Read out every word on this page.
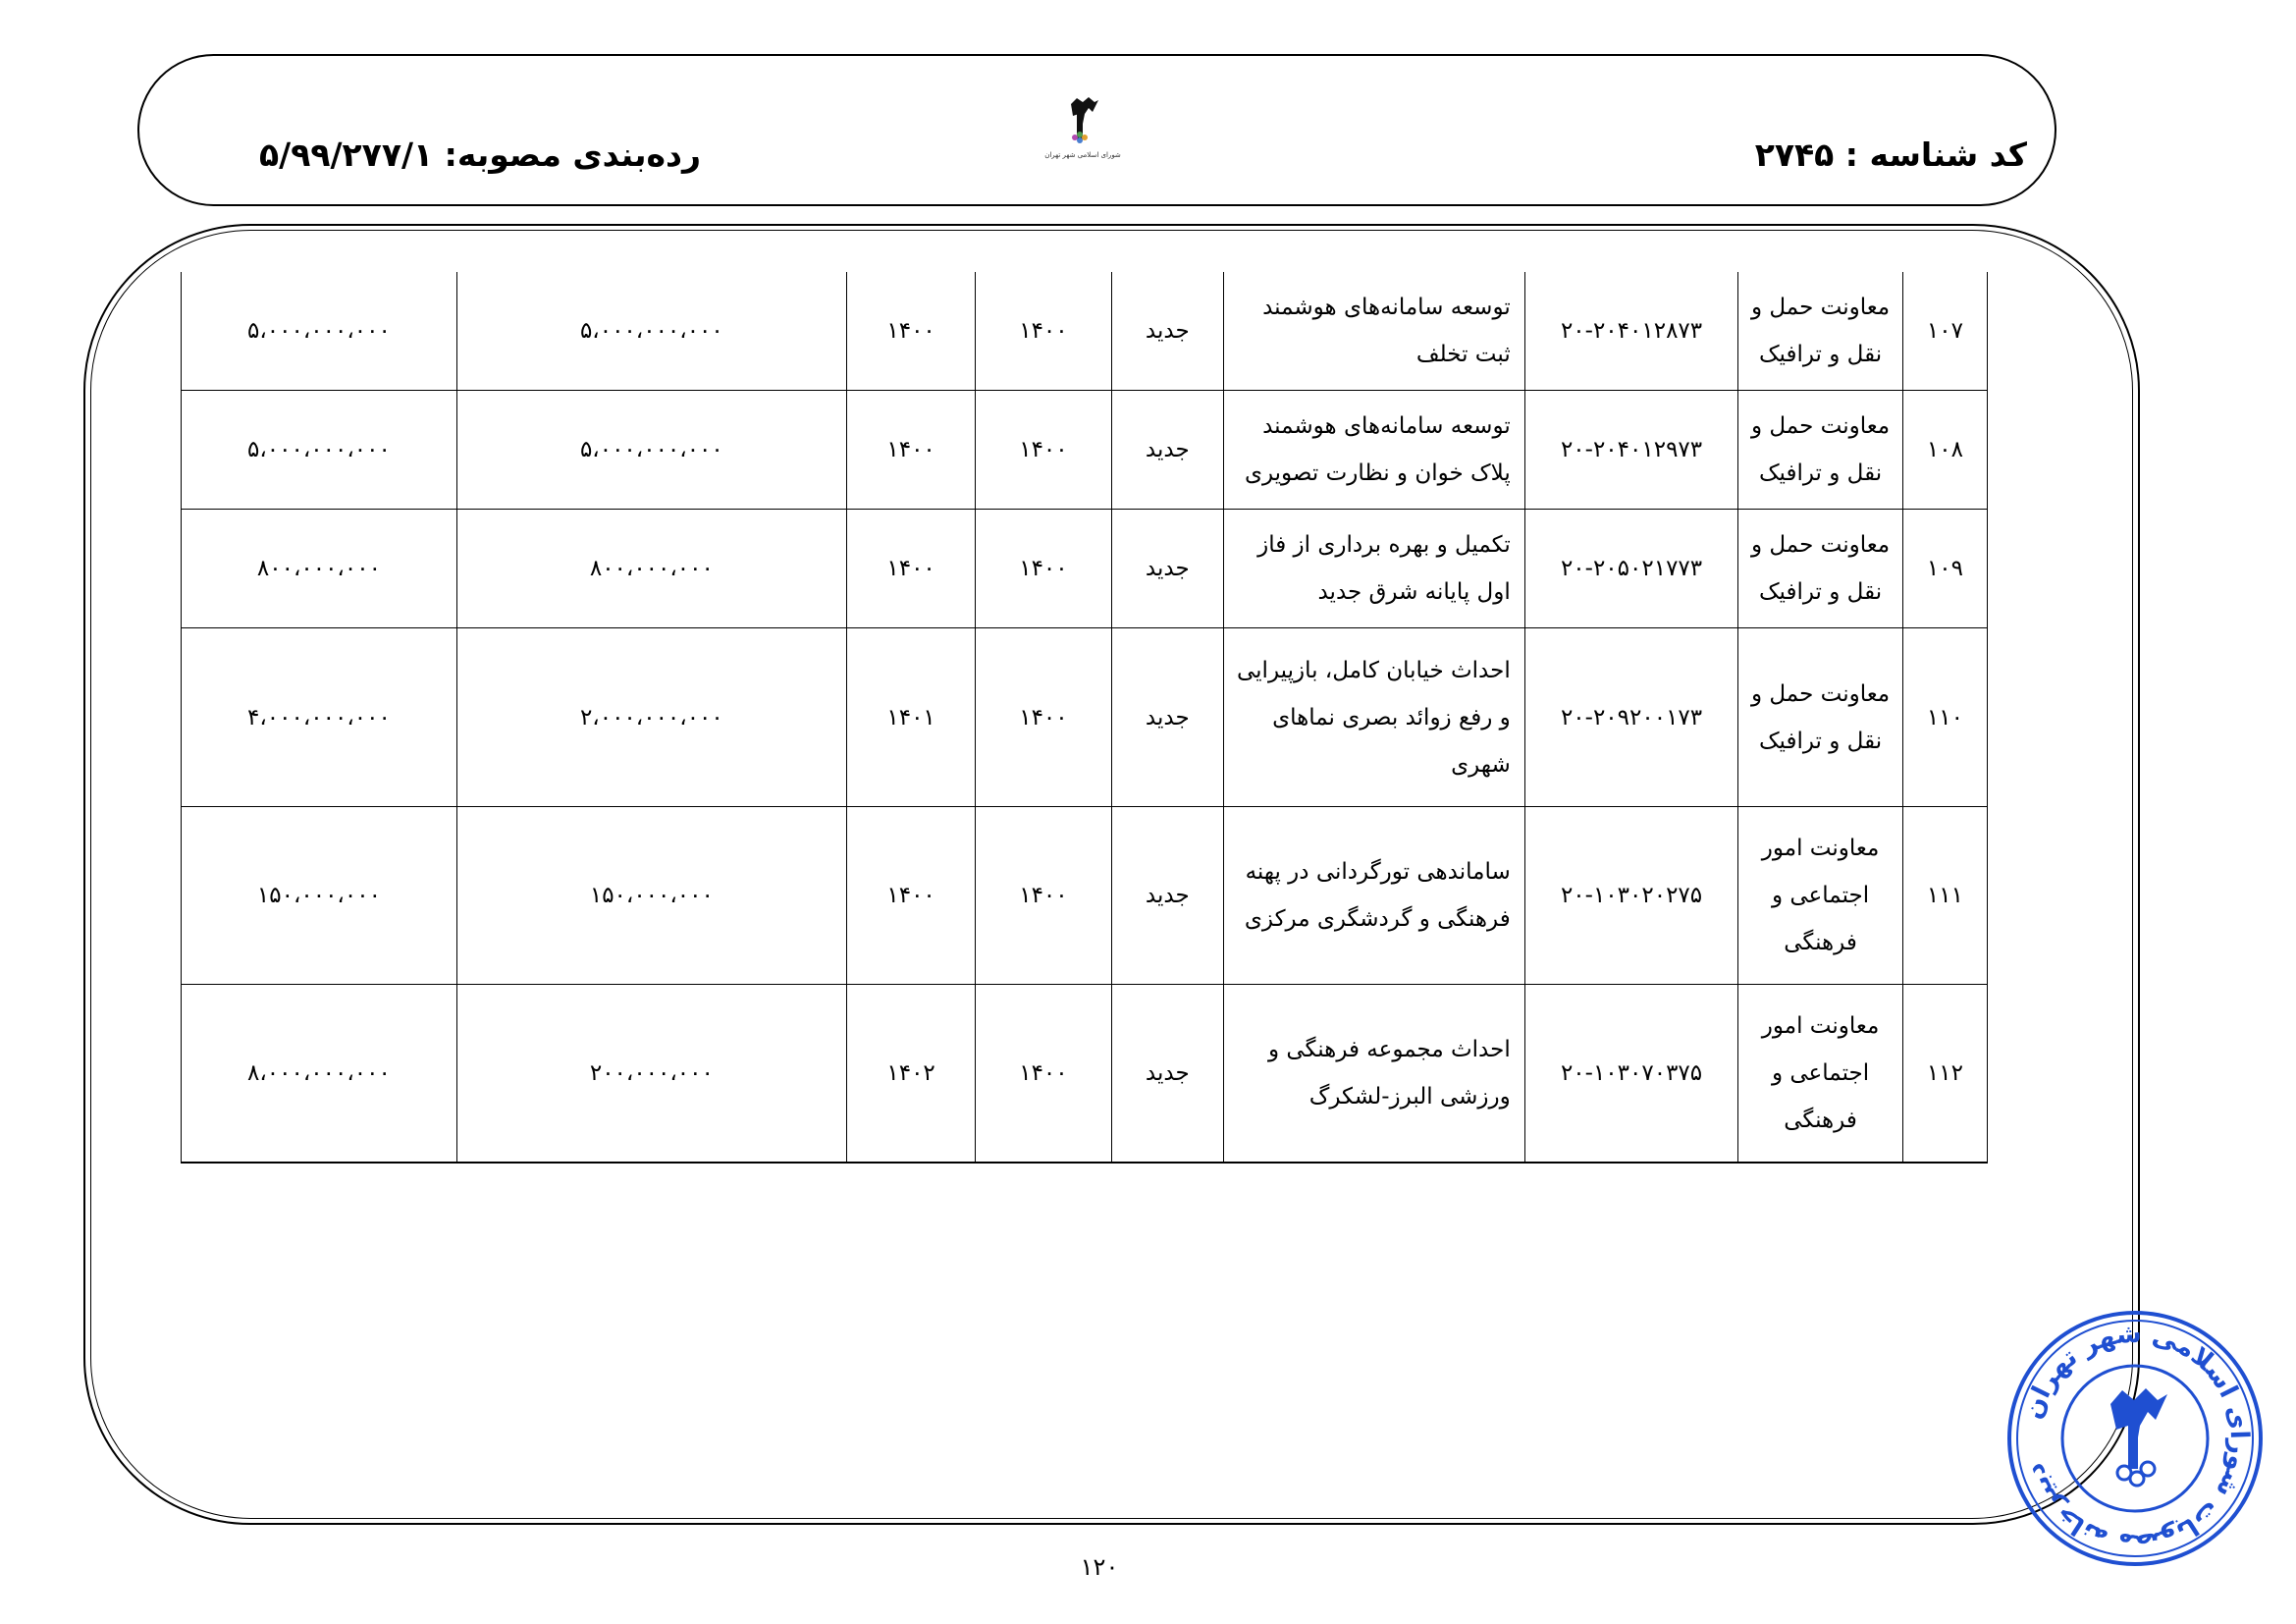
کد شناسه : ۲۷۴۵
رده‌بندی مصوبه: ۵/۹۹/۲۷۷/۱	شورای اسلامی شهر تهران
۱۰۷	معاونت حمل و نقل و ترافیک	۲۰-۲۰۴۰۱۲۸۷۳	توسعه سامانه‌های هوشمند ثبت تخلف	جدید	۱۴۰۰	۱۴۰۰	۵،۰۰۰،۰۰۰،۰۰۰	۵،۰۰۰،۰۰۰،۰۰۰
۱۰۸	معاونت حمل و نقل و ترافیک	۲۰-۲۰۴۰۱۲۹۷۳	توسعه سامانه‌های هوشمند پلاک خوان و نظارت تصویری	جدید	۱۴۰۰	۱۴۰۰	۵،۰۰۰،۰۰۰،۰۰۰	۵،۰۰۰،۰۰۰،۰۰۰
۱۰۹	معاونت حمل و نقل و ترافیک	۲۰-۲۰۵۰۲۱۷۷۳	تکمیل و بهره برداری از فاز اول پایانه شرق جدید	جدید	۱۴۰۰	۱۴۰۰	۸۰۰،۰۰۰،۰۰۰	۸۰۰،۰۰۰،۰۰۰
۱۱۰	معاونت حمل و نقل و ترافیک	۲۰-۲۰۹۲۰۰۱۷۳	احداث خیابان کامل، بازپیرایی و رفع زوائد بصری نماهای شهری	جدید	۱۴۰۰	۱۴۰۱	۲،۰۰۰،۰۰۰،۰۰۰	۴،۰۰۰،۰۰۰،۰۰۰
۱۱۱	معاونت امور اجتماعی و فرهنگی	۲۰-۱۰۳۰۲۰۲۷۵	ساماندهی تورگردانی در پهنه فرهنگی و گردشگری مرکزی	جدید	۱۴۰۰	۱۴۰۰	۱۵۰،۰۰۰،۰۰۰	۱۵۰،۰۰۰،۰۰۰
۱۱۲	معاونت امور اجتماعی و فرهنگی	۲۰-۱۰۳۰۷۰۳۷۵	احداث مجموعه فرهنگی و ورزشی البرز-لشکرگ	جدید	۱۴۰۰	۱۴۰۲	۲۰۰،۰۰۰،۰۰۰	۸،۰۰۰،۰۰۰،۰۰۰
۱۲۰
دبیرخانه مصوبات شورای اسلامی شهر تهران
